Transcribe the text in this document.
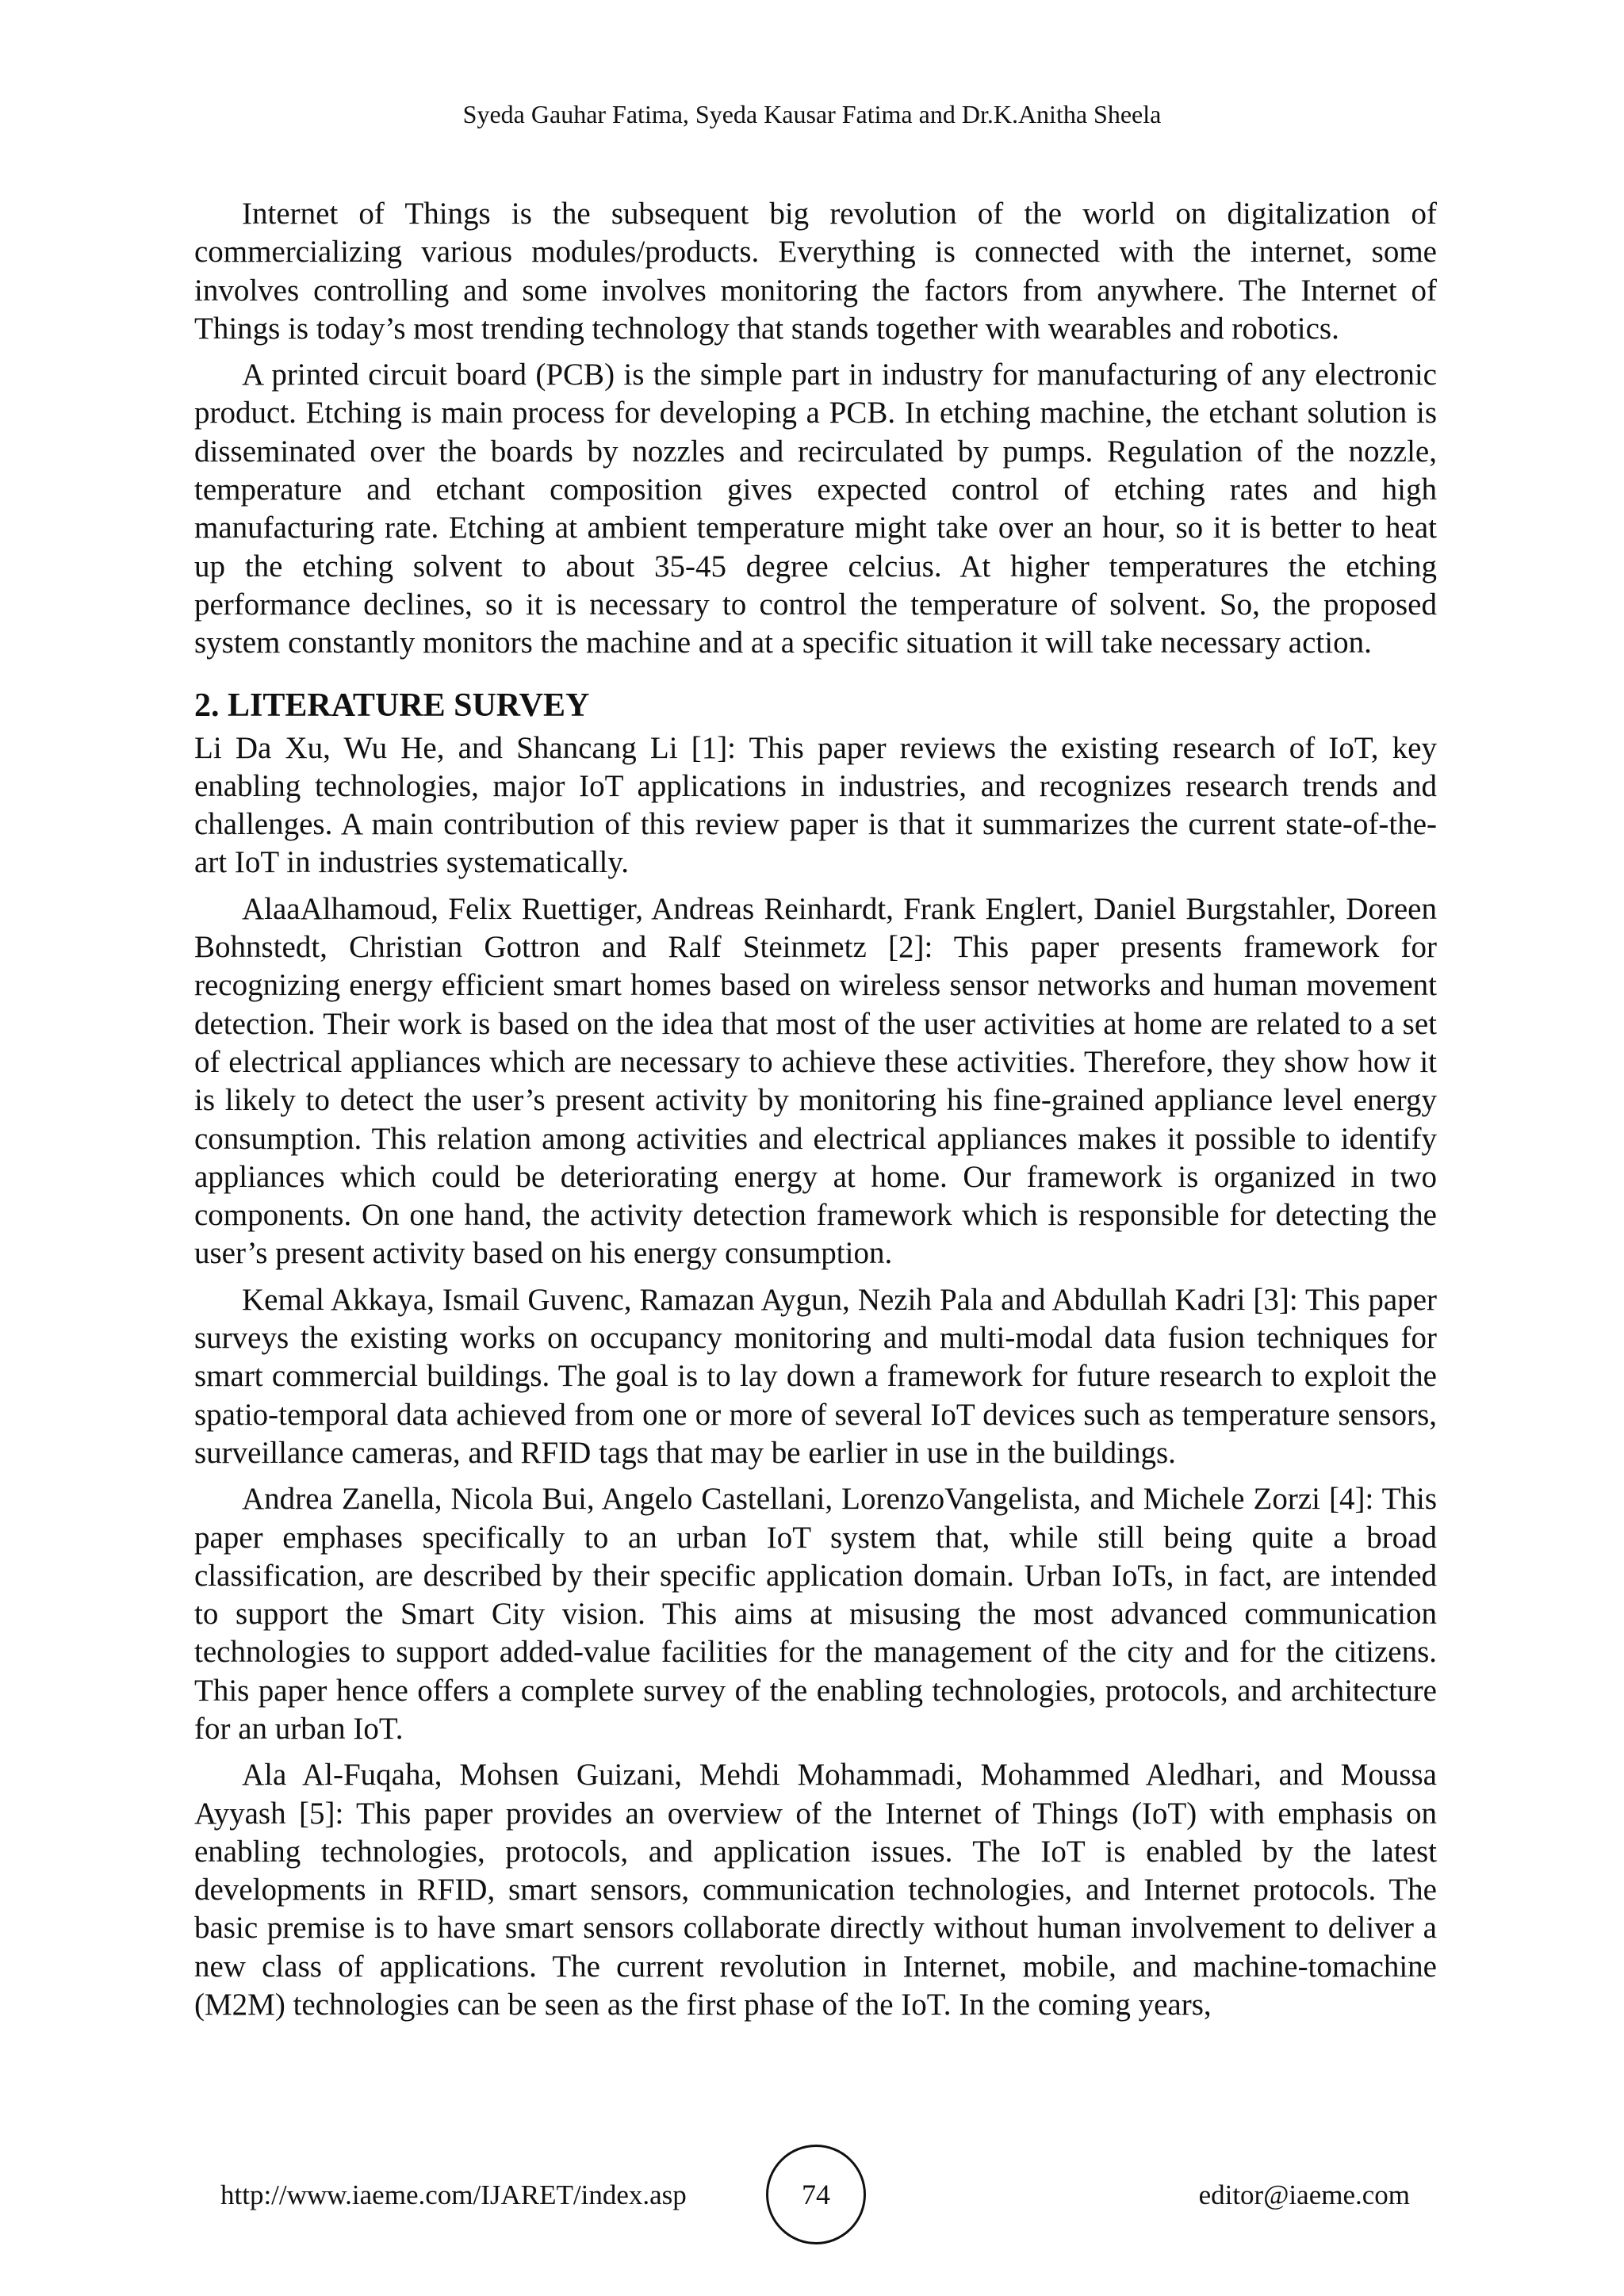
Syeda Gauhar Fatima, Syeda Kausar Fatima and Dr.K.Anitha Sheela

Internet of Things is the subsequent big revolution of the world on digitalization of commercializing various modules/products. Everything is connected with the internet, some involves controlling and some involves monitoring the factors from anywhere. The Internet of Things is today’s most trending technology that stands together with wearables and robotics.

A printed circuit board (PCB) is the simple part in industry for manufacturing of any electronic product. Etching is main process for developing a PCB. In etching machine, the etchant solution is disseminated over the boards by nozzles and recirculated by pumps. Regulation of the nozzle, temperature and etchant composition gives expected control of etching rates and high manufacturing rate. Etching at ambient temperature might take over an hour, so it is better to heat up the etching solvent to about 35-45 degree celcius. At higher temperatures the etching performance declines, so it is necessary to control the temperature of solvent. So, the proposed system constantly monitors the machine and at a specific situation it will take necessary action.

2. LITERATURE SURVEY

Li Da Xu, Wu He, and Shancang Li [1]: This paper reviews the existing research of IoT, key enabling technologies, major IoT applications in industries, and recognizes research trends and challenges. A main contribution of this review paper is that it summarizes the current state-of-the-art IoT in industries systematically.

AlaaAlhamoud, Felix Ruettiger, Andreas Reinhardt, Frank Englert, Daniel Burgstahler, Doreen Bohnstedt, Christian Gottron and Ralf Steinmetz [2]: This paper presents framework for recognizing energy efficient smart homes based on wireless sensor networks and human movement detection. Their work is based on the idea that most of the user activities at home are related to a set of electrical appliances which are necessary to achieve these activities. Therefore, they show how it is likely to detect the user’s present activity by monitoring his fine-grained appliance level energy consumption. This relation among activities and electrical appliances makes it possible to identify appliances which could be deteriorating energy at home. Our framework is organized in two components. On one hand, the activity detection framework which is responsible for detecting the user’s present activity based on his energy consumption.

Kemal Akkaya, Ismail Guvenc, Ramazan Aygun, Nezih Pala and Abdullah Kadri [3]: This paper surveys the existing works on occupancy monitoring and multi-modal data fusion techniques for smart commercial buildings. The goal is to lay down a framework for future research to exploit the spatio-temporal data achieved from one or more of several IoT devices such as temperature sensors, surveillance cameras, and RFID tags that may be earlier in use in the buildings.

Andrea Zanella, Nicola Bui, Angelo Castellani, LorenzoVangelista, and Michele Zorzi [4]: This paper emphases specifically to an urban IoT system that, while still being quite a broad classification, are described by their specific application domain. Urban IoTs, in fact, are intended to support the Smart City vision. This aims at misusing the most advanced communication technologies to support added-value facilities for the management of the city and for the citizens. This paper hence offers a complete survey of the enabling technologies, protocols, and architecture for an urban IoT.

Ala Al-Fuqaha, Mohsen Guizani, Mehdi Mohammadi, Mohammed Aledhari, and Moussa Ayyash [5]: This paper provides an overview of the Internet of Things (IoT) with emphasis on enabling technologies, protocols, and application issues. The IoT is enabled by the latest developments in RFID, smart sensors, communication technologies, and Internet protocols. The basic premise is to have smart sensors collaborate directly without human involvement to deliver a new class of applications. The current revolution in Internet, mobile, and machine-tomachine (M2M) technologies can be seen as the first phase of the IoT. In the coming years,

http://www.iaeme.com/IJARET/index.asp	74	editor@iaeme.com
